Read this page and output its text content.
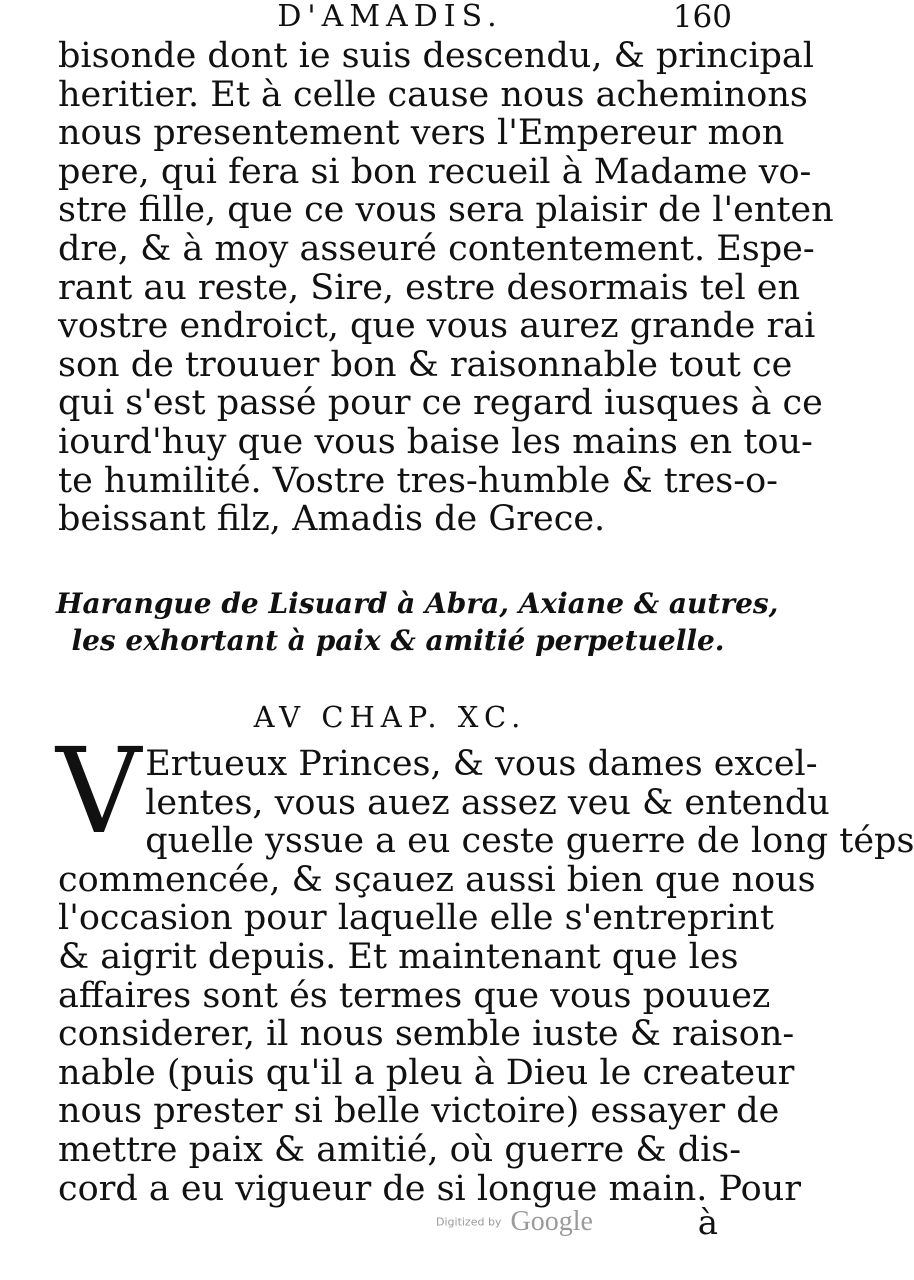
D'AMADIS.	160
bisonde dont ie suis descendu, & principal
heritier. Et à celle cause nous acheminons
nous presentement vers l'Empereur mon
pere, qui fera si bon recueil à Madame vo-
stre fille, que ce vous sera plaisir de l'enten
dre, & à moy asseuré contentement. Espe-
rant au reste, Sire, estre desormais tel en
vostre endroict, que vous aurez grande rai
son de trouuer bon & raisonnable tout ce
qui s'est passé pour ce regard iusques à ce
iourd'huy que vous baise les mains en tou-
te humilité. Vostre tres-humble & tres-o-
beissant filz, Amadis de Grece.
Harangue de Lisuard à Abra, Axiane & autres,
les exhortant à paix & amitié perpetuelle.
AV CHAP. XC.
V Ertueux Princes, & vous dames excel-
lentes, vous auez assez veu & entendu
quelle yssue a eu ceste guerre de long téps
commencée, & sçauez aussi bien que nous
l'occasion pour laquelle elle s'entreprint
& aigrit depuis. Et maintenant que les
affaires sont és termes que vous pouuez
considerer, il nous semble iuste & raison-
nable (puis qu'il a pleu à Dieu le createur
nous prester si belle victoire) essayer de
mettre paix & amitié, où guerre & dis-
cord a eu vigueur de si longue main. Pour
Digitized by Google	à
